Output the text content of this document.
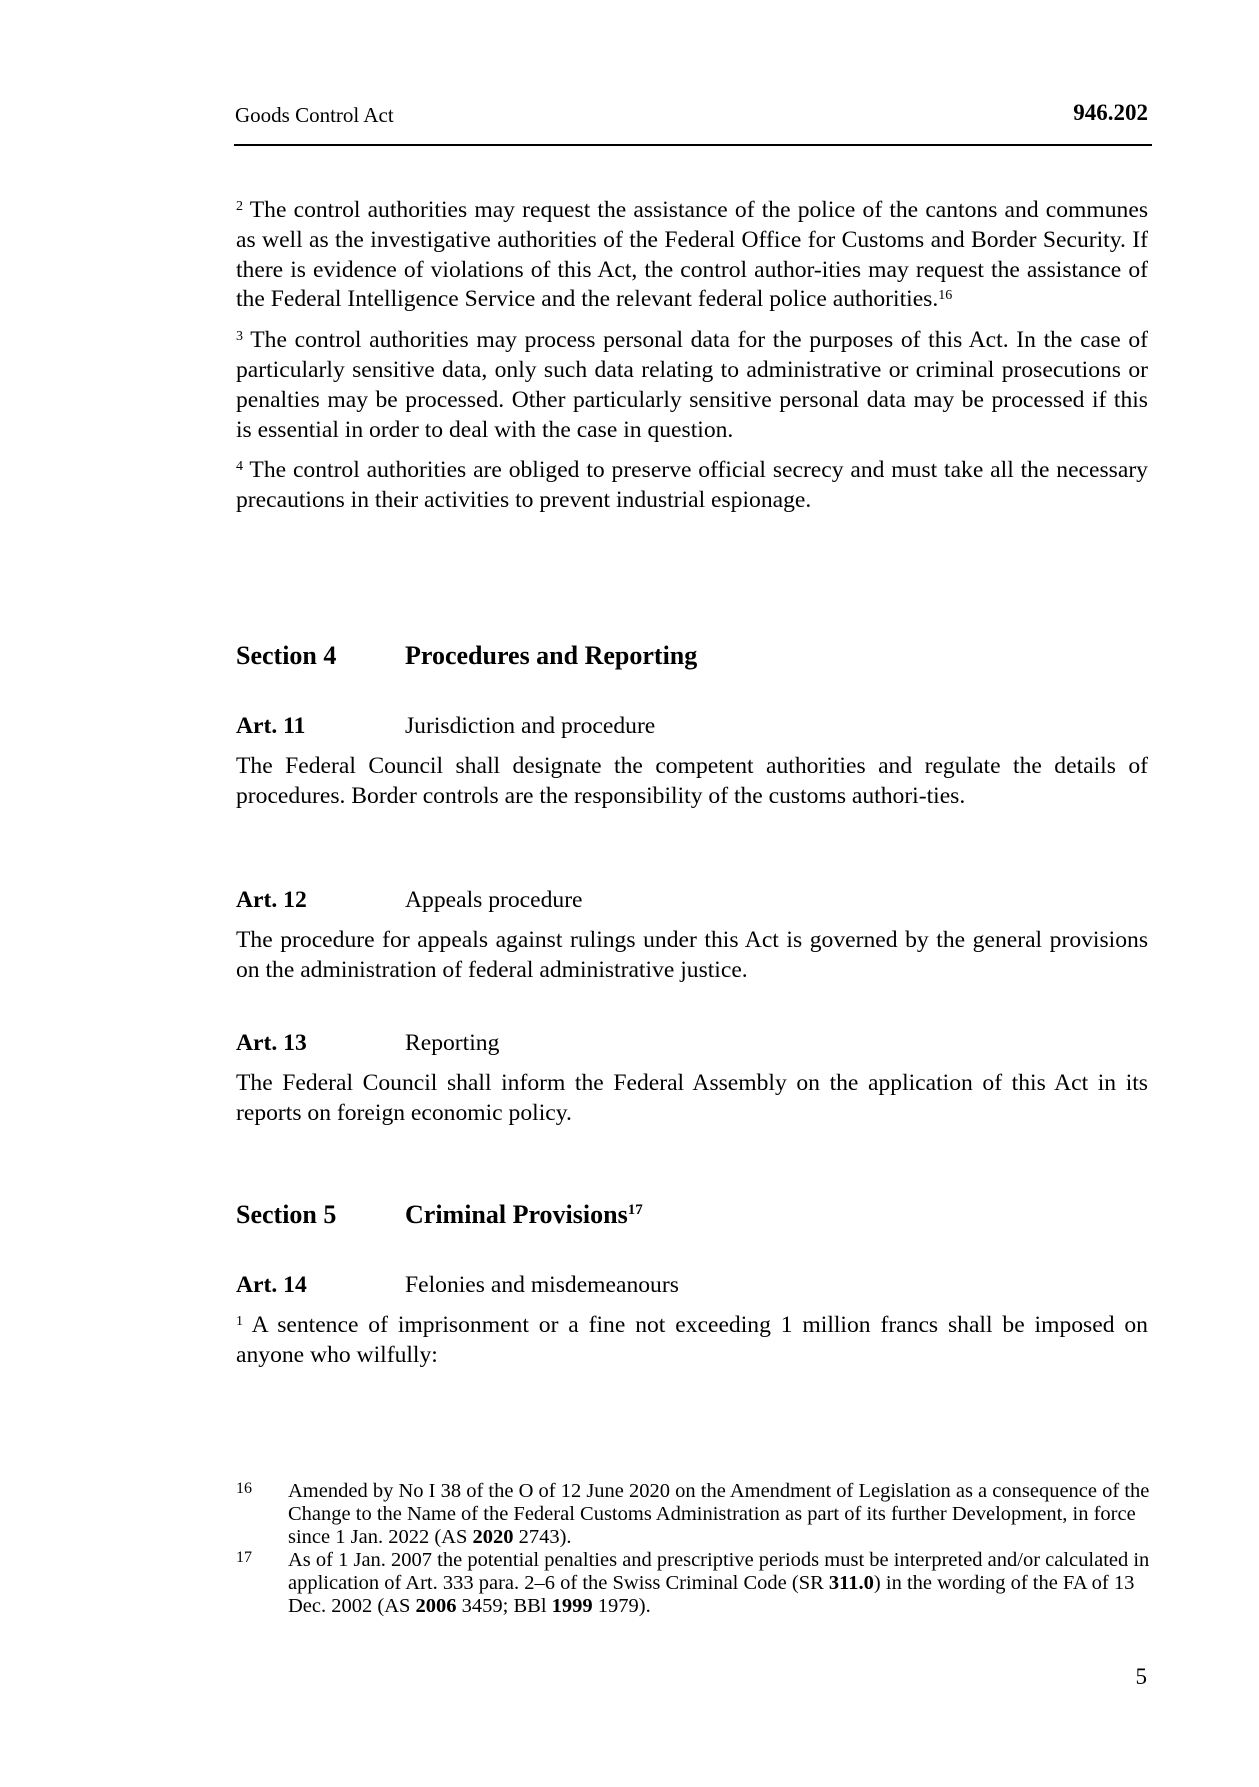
Goods Control Act	946.202

$^2$ The control authorities may request the assistance of the police of the cantons and communes as well as the investigative authorities of the Federal Office for Customs and Border Security. If there is evidence of violations of this Act, the control author-ities may request the assistance of the Federal Intelligence Service and the relevant federal police authorities.$^{16}$

$^3$ The control authorities may process personal data for the purposes of this Act. In the case of particularly sensitive data, only such data relating to administrative or criminal prosecutions or penalties may be processed. Other particularly sensitive personal data may be processed if this is essential in order to deal with the case in question.

$^4$ The control authorities are obliged to preserve official secrecy and must take all the necessary precautions in their activities to prevent industrial espionage.

Section 4	Procedures and Reporting
Art. 11	Jurisdiction and procedure

The Federal Council shall designate the competent authorities and regulate the details of procedures. Border controls are the responsibility of the customs authori-ties.

Art. 12	Appeals procedure

The procedure for appeals against rulings under this Act is governed by the general provisions on the administration of federal administrative justice.

Art. 13	Reporting

The Federal Council shall inform the Federal Assembly on the application of this Act in its reports on foreign economic policy.

Section 5	Criminal Provisions$^{17}$
Art. 14	Felonies and misdemeanours

$^1$ A sentence of imprisonment or a fine not exceeding 1 million francs shall be imposed on anyone who wilfully:

16 Amended by No I 38 of the O of 12 June 2020 on the Amendment of Legislation as a consequence of the Change to the Name of the Federal Customs Administration as part of its further Development, in force since 1 Jan. 2022 (AS 2020 2743).

17 As of 1 Jan. 2007 the potential penalties and prescriptive periods must be interpreted and/or calculated in application of Art. 333 para. 2–6 of the Swiss Criminal Code (SR 311.0) in the wording of the FA of 13 Dec. 2002 (AS 2006 3459; BBl 1999 1979).

5
